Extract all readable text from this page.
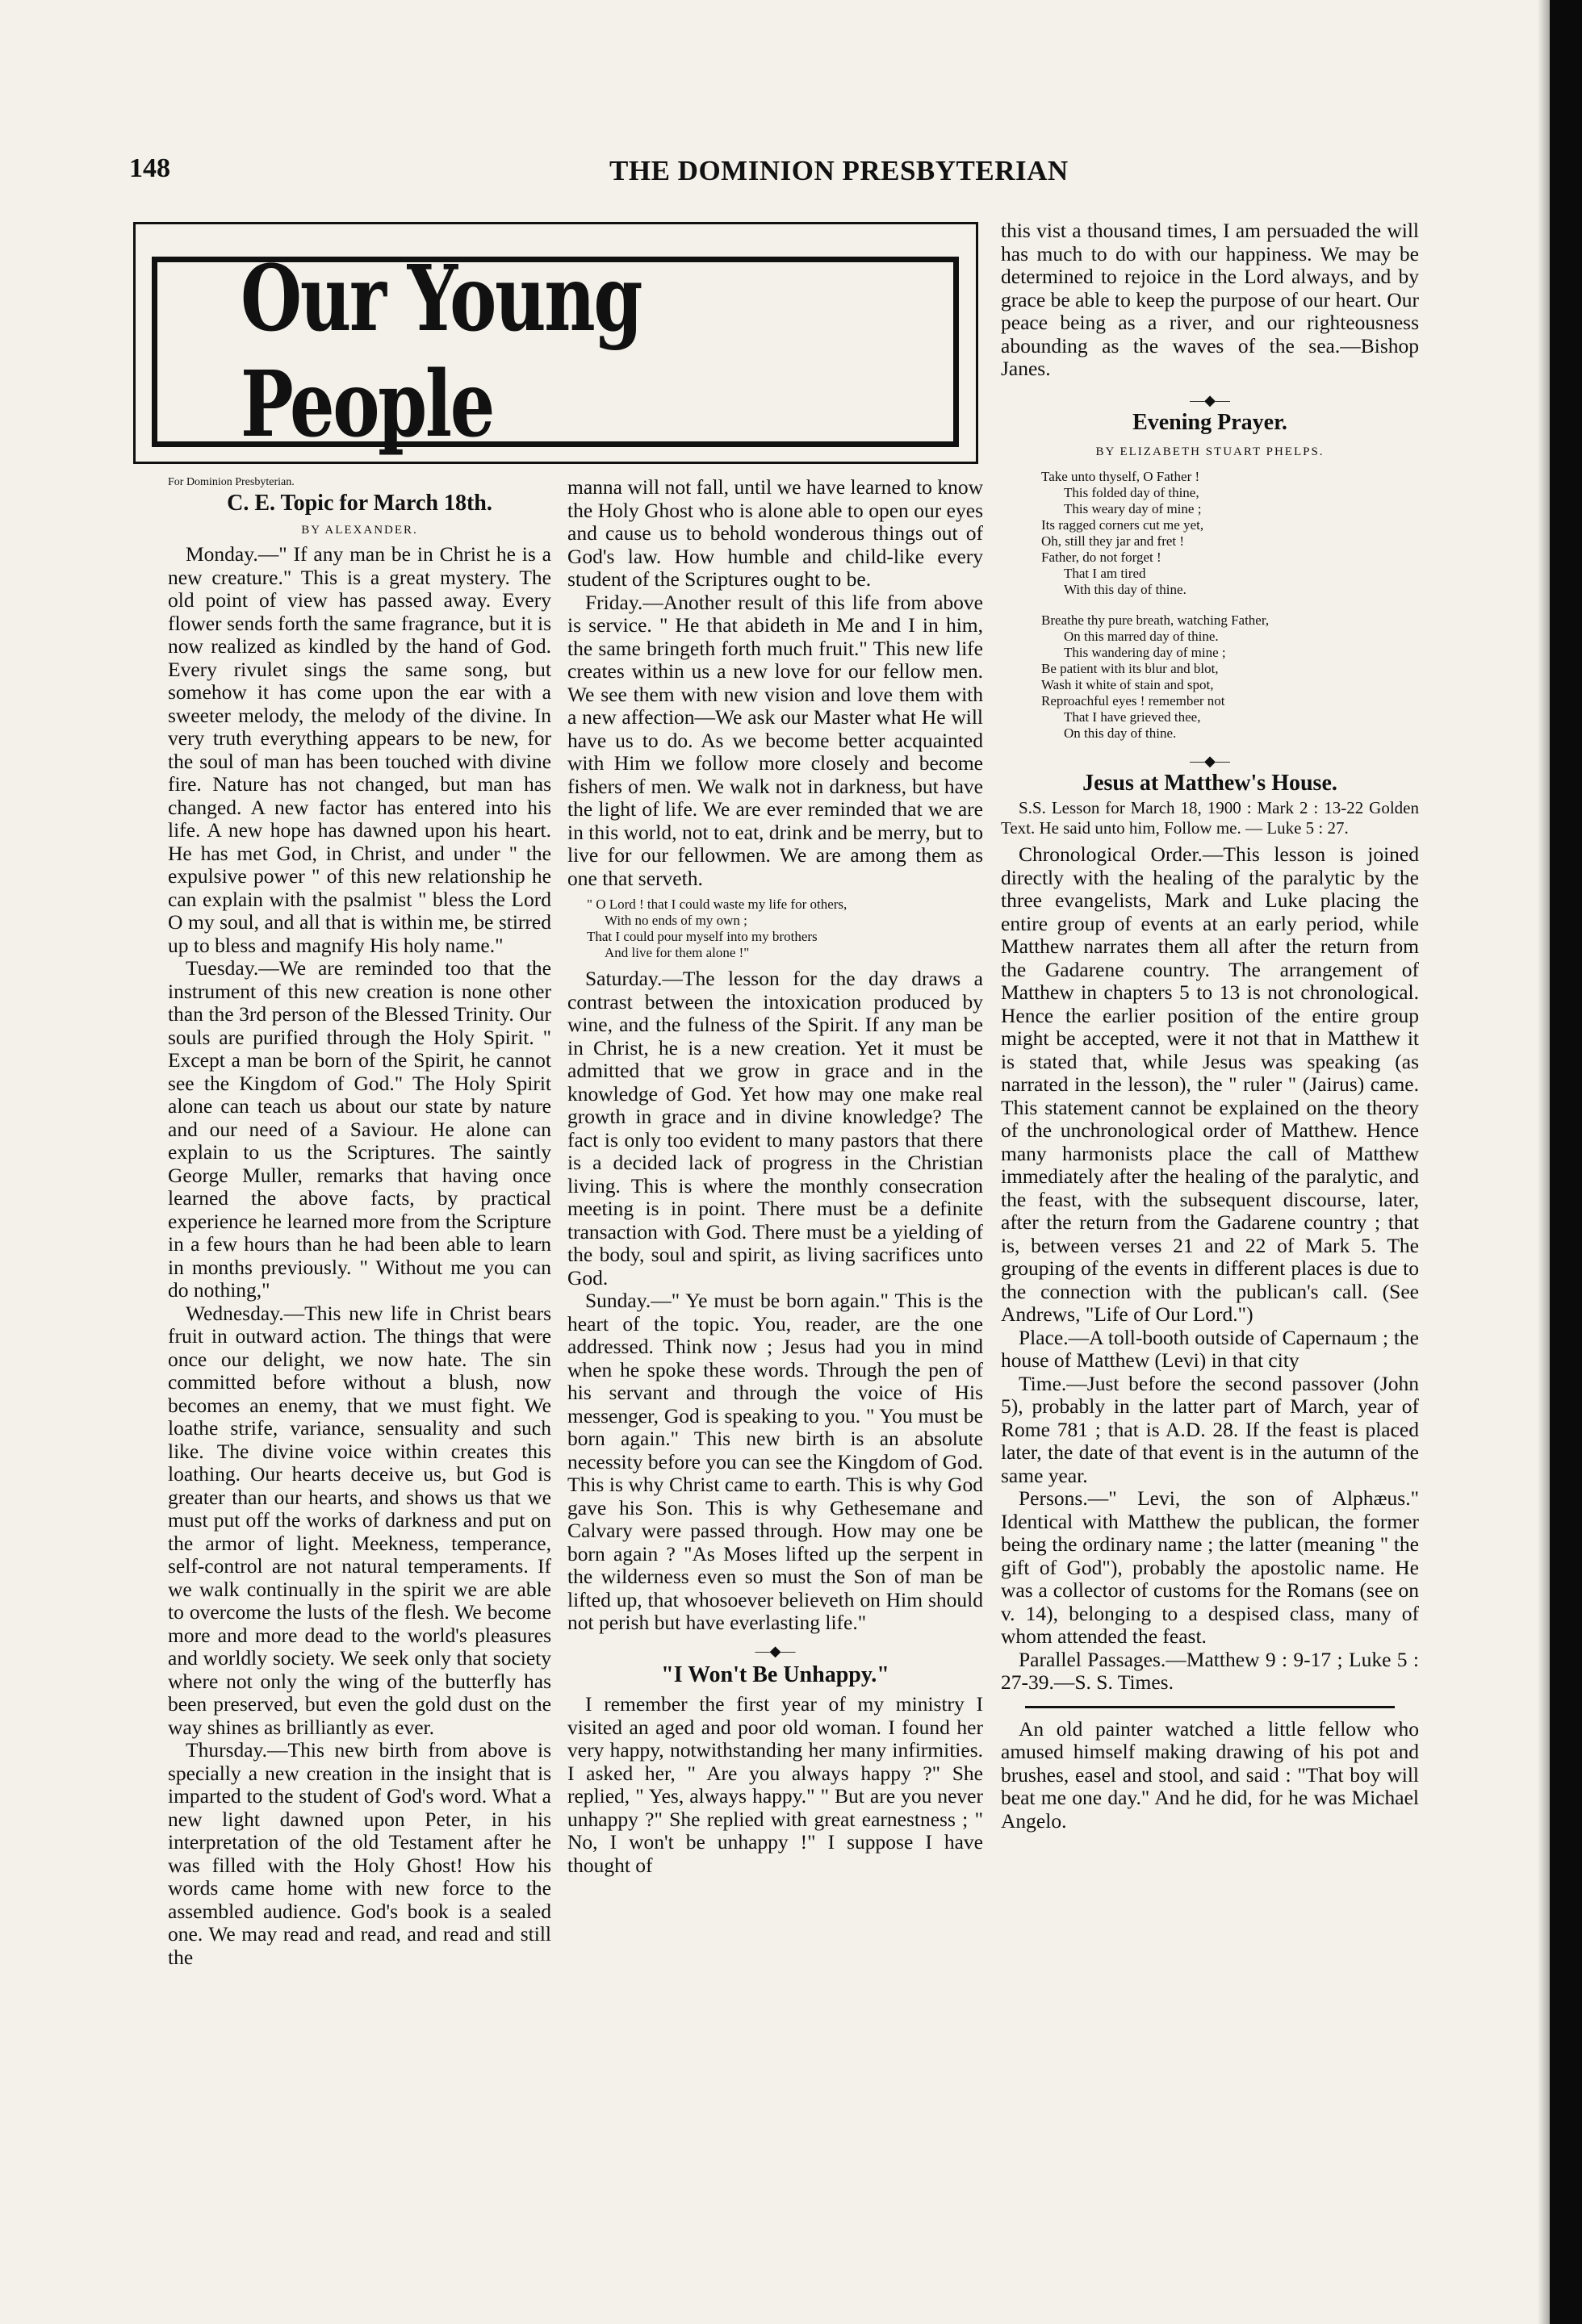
148	THE DOMINION PRESBYTERIAN
Our Young People
For Dominion Presbyterian.
C. E. Topic for March 18th.
BY ALEXANDER.

Monday.—" If any man be in Christ he is a new creature." This is a great mystery. The old point of view has passed away. Every flower sends forth the same fragrance, but it is now realized as kindled by the hand of God. Every rivulet sings the same song, but somehow it has come upon the ear with a sweeter melody, the melody of the divine. In very truth everything appears to be new, for the soul of man has been touched with divine fire. Nature has not changed, but man has changed. A new factor has entered into his life. A new hope has dawned upon his heart. He has met God, in Christ, and under " the expulsive power " of this new relationship he can explain with the psalmist " bless the Lord O my soul, and all that is within me, be stirred up to bless and magnify His holy name."

Tuesday.—We are reminded too that the instrument of this new creation is none other than the 3rd person of the Blessed Trinity. Our souls are purified through the Holy Spirit. " Except a man be born of the Spirit, he cannot see the Kingdom of God." The Holy Spirit alone can teach us about our state by nature and our need of a Saviour. He alone can explain to us the Scriptures. The saintly George Muller, remarks that having once learned the above facts, by practical experience he learned more from the Scripture in a few hours than he had been able to learn in months previously. " Without me you can do nothing,"

Wednesday.—This new life in Christ bears fruit in outward action. The things that were once our delight, we now hate. The sin committed before without a blush, now becomes an enemy, that we must fight. We loathe strife, variance, sensuality and such like. The divine voice within creates this loathing. Our hearts deceive us, but God is greater than our hearts, and shows us that we must put off the works of darkness and put on the armor of light. Meekness, temperance, self-control are not natural temperaments. If we walk continually in the spirit we are able to overcome the lusts of the flesh. We become more and more dead to the world's pleasures and worldly society. We seek only that society where not only the wing of the butterfly has been preserved, but even the gold dust on the way shines as brilliantly as ever.

Thursday.—This new birth from above is specially a new creation in the insight that is imparted to the student of God's word. What a new light dawned upon Peter, in his interpretation of the old Testament after he was filled with the Holy Ghost! How his words came home with new force to the assembled audience. God's book is a sealed one. We may read and read, and read and still the

manna will not fall, until we have learned to know the Holy Ghost who is alone able to open our eyes and cause us to behold wonderous things out of God's law. How humble and child-like every student of the Scriptures ought to be.

Friday.—Another result of this life from above is service. " He that abideth in Me and I in him, the same bringeth forth much fruit." This new life creates within us a new love for our fellow men. We see them with new vision and love them with a new affection—We ask our Master what He will have us to do. As we become better acquainted with Him we follow more closely and become fishers of men. We walk not in darkness, but have the light of life. We are ever reminded that we are in this world, not to eat, drink and be merry, but to live for our fellowmen. We are among them as one that serveth.

" O Lord ! that I could waste my life for others,
With no ends of my own ;
That I could pour myself into my brothers
And live for them alone !"

Saturday.—The lesson for the day draws a contrast between the intoxication produced by wine, and the fulness of the Spirit. If any man be in Christ, he is a new creation. Yet it must be admitted that we grow in grace and in the knowledge of God. Yet how may one make real growth in grace and in divine knowledge? The fact is only too evident to many pastors that there is a decided lack of progress in the Christian living. This is where the monthly consecration meeting is in point. There must be a definite transaction with God. There must be a yielding of the body, soul and spirit, as living sacrifices unto God.

Sunday.—" Ye must be born again." This is the heart of the topic. You, reader, are the one addressed. Think now ; Jesus had you in mind when he spoke these words. Through the pen of his servant and through the voice of His messenger, God is speaking to you. " You must be born again." This new birth is an absolute necessity before you can see the Kingdom of God. This is why Christ came to earth. This is why God gave his Son. This is why Gethesemane and Calvary were passed through. How may one be born again ? "As Moses lifted up the serpent in the wilderness even so must the Son of man be lifted up, that whosoever believeth on Him should not perish but have everlasting life."

—◆—
"I Won't Be Unhappy."

I remember the first year of my ministry I visited an aged and poor old woman. I found her very happy, notwithstanding her many infirmities. I asked her, " Are you always happy ?" She replied, " Yes, always happy." " But are you never unhappy ?" She replied with great earnestness ; " No, I won't be unhappy !" I suppose I have thought of

this vist a thousand times, I am persuaded the will has much to do with our happiness. We may be determined to rejoice in the Lord always, and by grace be able to keep the purpose of our heart. Our peace being as a river, and our righteousness abounding as the waves of the sea.—Bishop Janes.

—◆—
Evening Prayer.
BY ELIZABETH STUART PHELPS.
Take unto thyself, O Father !
This folded day of thine,
This weary day of mine ;
Its ragged corners cut me yet,
Oh, still they jar and fret !
Father, do not forget !
That I am tired
With this day of thine.
Breathe thy pure breath, watching Father,
On this marred day of thine.
This wandering day of mine ;
Be patient with its blur and blot,
Wash it white of stain and spot,
Reproachful eyes ! remember not
That I have grieved thee,
On this day of thine.
—◆—
Jesus at Matthew's House.

S.S. Lesson for March 18, 1900 : Mark 2 : 13-22 Golden Text. He said unto him, Follow me. — Luke 5 : 27.

Chronological Order.—This lesson is joined directly with the healing of the paralytic by the three evangelists, Mark and Luke placing the entire group of events at an early period, while Matthew narrates them all after the return from the Gadarene country. The arrangement of Matthew in chapters 5 to 13 is not chronological. Hence the earlier position of the entire group might be accepted, were it not that in Matthew it is stated that, while Jesus was speaking (as narrated in the lesson), the " ruler " (Jairus) came. This statement cannot be explained on the theory of the unchronological order of Matthew. Hence many harmonists place the call of Matthew immediately after the healing of the paralytic, and the feast, with the subsequent discourse, later, after the return from the Gadarene country ; that is, between verses 21 and 22 of Mark 5. The grouping of the events in different places is due to the connection with the publican's call. (See Andrews, "Life of Our Lord.")

Place.—A toll-booth outside of Capernaum ; the house of Matthew (Levi) in that city

Time.—Just before the second passover (John 5), probably in the latter part of March, year of Rome 781 ; that is A.D. 28. If the feast is placed later, the date of that event is in the autumn of the same year.

Persons.—" Levi, the son of Alphæus." Identical with Matthew the publican, the former being the ordinary name ; the latter (meaning " the gift of God"), probably the apostolic name. He was a collector of customs for the Romans (see on v. 14), belonging to a despised class, many of whom attended the feast.

Parallel Passages.—Matthew 9 : 9-17 ; Luke 5 : 27-39.—S. S. Times.

An old painter watched a little fellow who amused himself making drawing of his pot and brushes, easel and stool, and said : "That boy will beat me one day." And he did, for he was Michael Angelo.
